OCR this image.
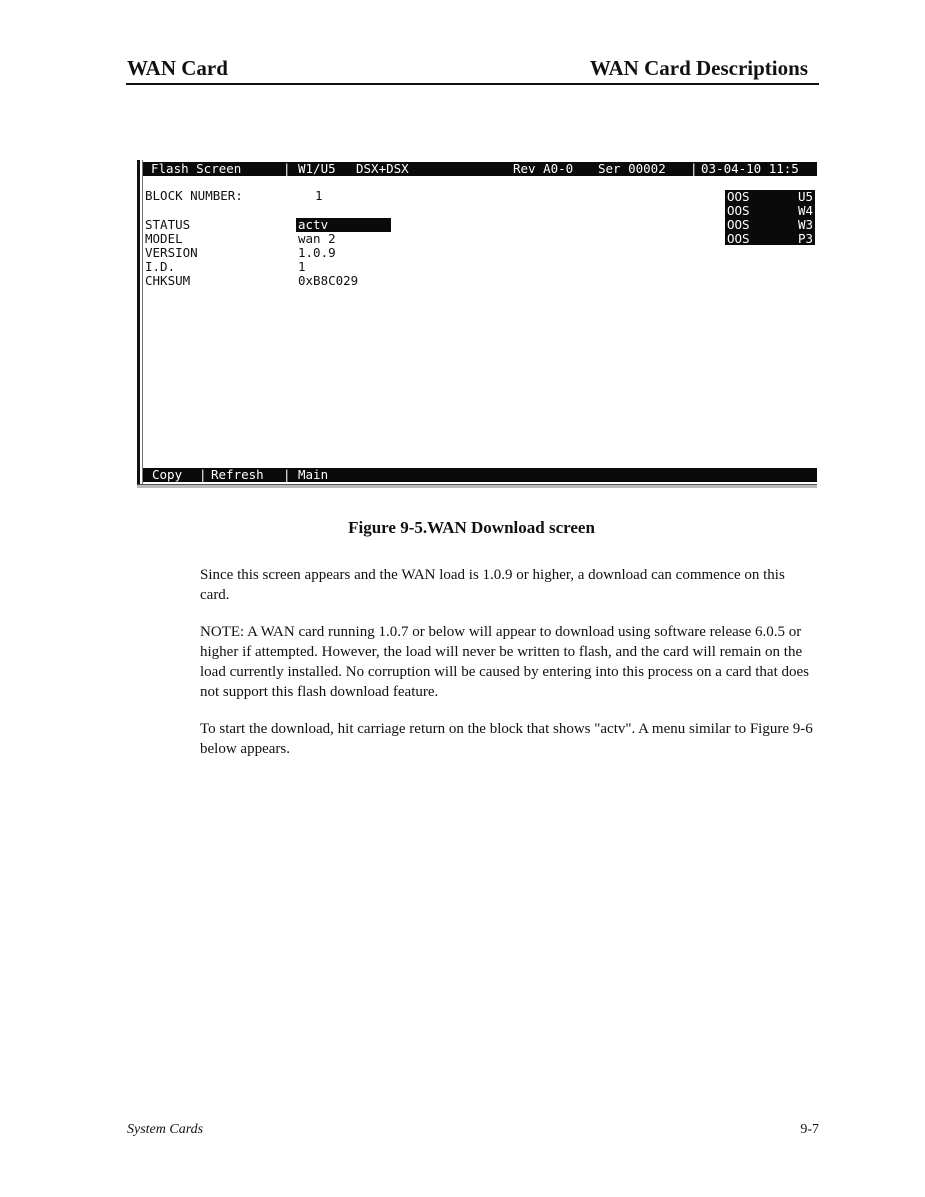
WAN Card	WAN Card Descriptions
Flash Screen	| W1/U5 DSX+DSX	Rev A0-0 Ser 00002 | 03-04-10 11:5
BLOCK NUMBER:	1
STATUS	actv
MODEL	wan 2
VERSION	1.0.9
I.D.	1
CHKSUM	0xB8C029
OOS	U5
OOS	W4
OOS	W3
OOS	P3
Copy | Refresh | Main
Figure 9-5.WAN Download screen

Since this screen appears and the WAN load is 1.0.9 or higher, a download can commence on this card.

NOTE: A WAN card running 1.0.7 or below will appear to download using software release 6.0.5 or higher if attempted. However, the load will never be written to flash, and the card will remain on the load currently installed. No corruption will be caused by entering into this process on a card that does not support this flash download feature.

To start the download, hit carriage return on the block that shows "actv". A menu similar to Figure 9-6 below appears.

System Cards	9-7
